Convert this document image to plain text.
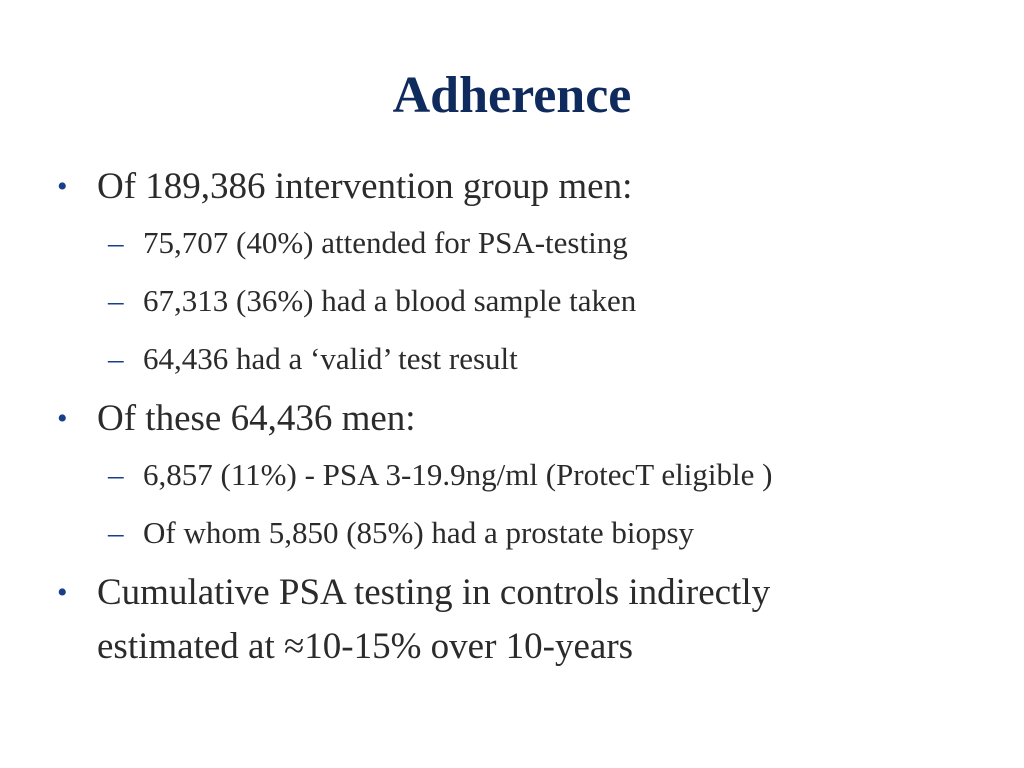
Adherence
• Of 189,386 intervention group men:
– 75,707 (40%) attended for PSA-testing
– 67,313 (36%) had a blood sample taken
– 64,436 had a ‘valid’ test result
• Of these 64,436 men:
– 6,857 (11%) - PSA 3-19.9ng/ml (ProtecT eligible )
– Of whom 5,850 (85%) had a prostate biopsy
• Cumulative PSA testing in controls indirectly
estimated at ≈10-15% over 10-years
